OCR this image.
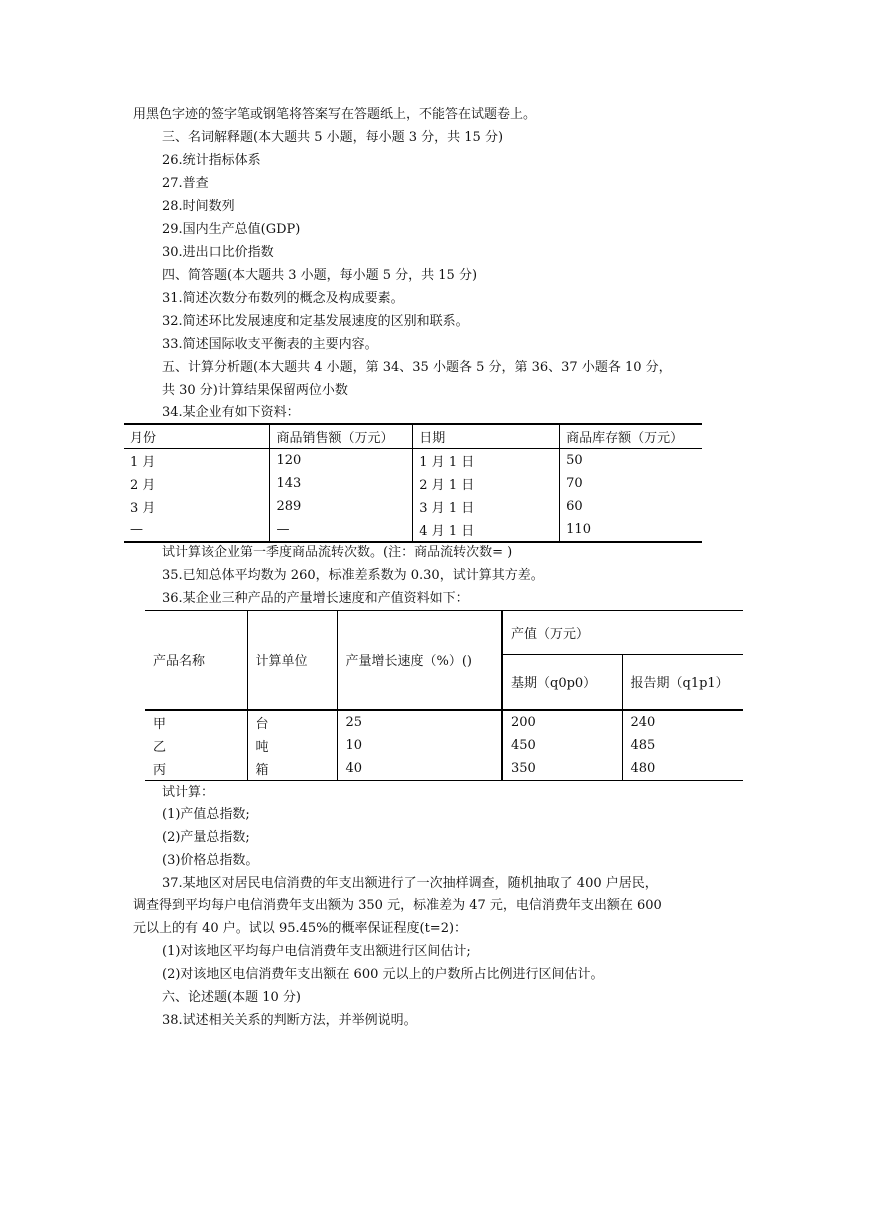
用黑色字迹的签字笔或钢笔将答案写在答题纸上，不能答在试题卷上。
三、名词解释题(本大题共 5 小题，每小题 3 分，共 15 分)
26.统计指标体系
27.普查
28.时间数列
29.国内生产总值(GDP)
30.进出口比价指数
四、简答题(本大题共 3 小题，每小题 5 分，共 15 分)
31.简述次数分布数列的概念及构成要素。
32.简述环比发展速度和定基发展速度的区别和联系。
33.简述国际收支平衡表的主要内容。
五、计算分析题(本大题共 4 小题，第 34、35 小题各 5 分，第 36、37 小题各 10 分，
共 30 分)计算结果保留两位小数
34.某企业有如下资料：
试计算该企业第一季度商品流转次数。(注：商品流转次数= )
35.已知总体平均数为 260，标准差系数为 0.30，试计算其方差。
36.某企业三种产品的产量增长速度和产值资料如下：
试计算：
(1)产值总指数;
(2)产量总指数;
(3)价格总指数。
37.某地区对居民电信消费的年支出额进行了一次抽样调查，随机抽取了 400 户居民，
调查得到平均每户电信消费年支出额为 350 元，标准差为 47 元，电信消费年支出额在 600
元以上的有 40 户。试以 95.45%的概率保证程度(t=2)：
(1)对该地区平均每户电信消费年支出额进行区间估计;
(2)对该地区电信消费年支出额在 600 元以上的户数所占比例进行区间估计。
六、论述题(本题 10 分)
38.试述相关关系的判断方法，并举例说明。
月份	商品销售额（万元）	日期	商品库存额（万元）
1 月	120	1 月 1 日	50
2 月	143	2 月 1 日	70
3 月	289	3 月 1 日	60
—	—	4 月 1 日	110
产品名称	计算单位	产量增长速度（%）()	产值（万元）	
			基期（q0p0）	报告期（q1p1）
甲	台	25	200	240
乙	吨	10	450	485
丙	箱	40	350	480
